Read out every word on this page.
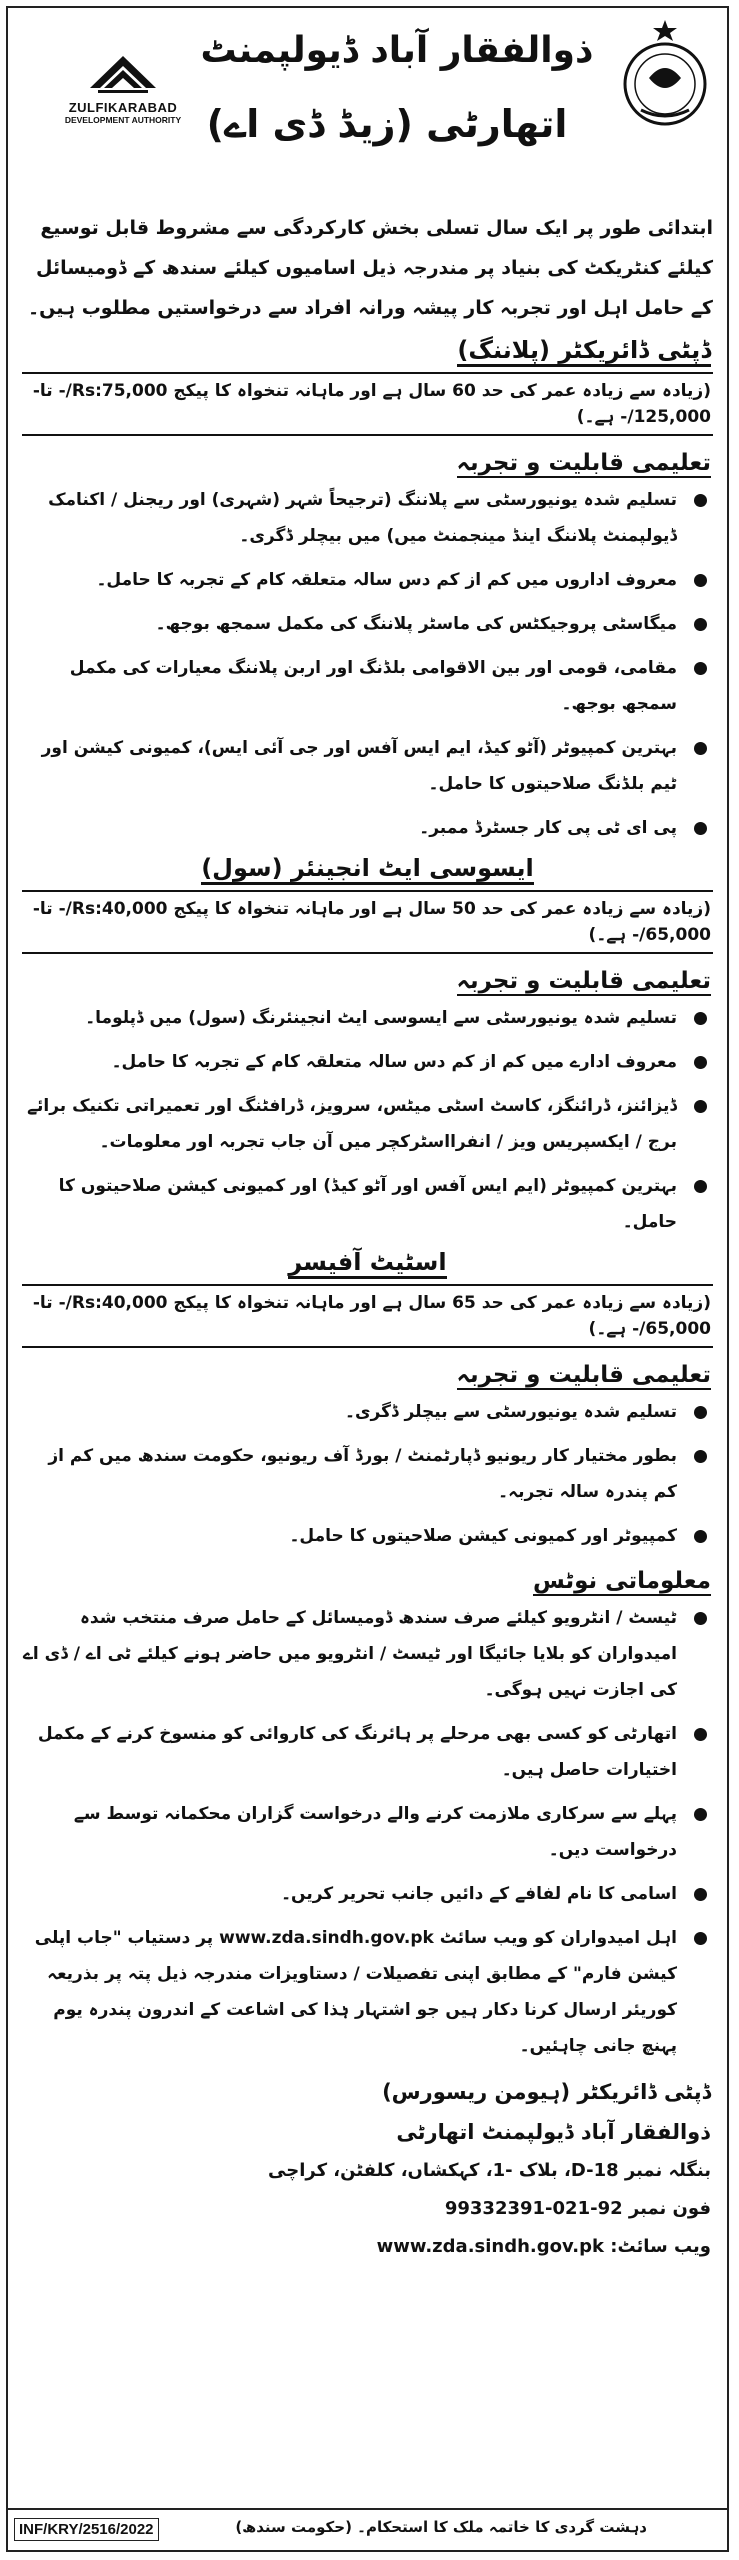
ZULFIKARABAD
DEVELOPMENT AUTHORITY
ذوالفقار آباد ڈیولپمنٹ
اتھارٹی (زیڈ ڈی اے)
ابتدائی طور پر ایک سال تسلی بخش کارکردگی سے مشروط قابل توسیع کیلئے کنٹریکٹ کی بنیاد پر مندرجہ ذیل اسامیوں کیلئے سندھ کے ڈومیسائل کے حامل اہل اور تجربہ کار پیشہ ورانہ افراد سے درخواستیں مطلوب ہیں۔
ڈپٹی ڈائریکٹر (پلاننگ)
(زیادہ سے زیادہ عمر کی حد 60 سال ہے اور ماہانہ تنخواہ کا پیکج Rs:75,000/- تا- 125,000/- ہے۔)
تعلیمی قابلیت و تجربہ
تسلیم شدہ یونیورسٹی سے پلاننگ (ترجیحاً شہر (شہری) اور ریجنل / اکنامک ڈیولپمنٹ پلاننگ اینڈ مینجمنٹ میں) میں بیچلر ڈگری۔
معروف اداروں میں کم از کم دس سالہ متعلقہ کام کے تجربہ کا حامل۔
میگاسٹی پروجیکٹس کی ماسٹر پلاننگ کی مکمل سمجھ بوجھ۔
مقامی، قومی اور بین الاقوامی بلڈنگ اور اربن پلاننگ معیارات کی مکمل سمجھ بوجھ۔
بہترین کمپیوٹر (آٹو کیڈ، ایم ایس آفس اور جی آئی ایس)، کمیونی کیشن اور ٹیم بلڈنگ صلاحیتوں کا حامل۔
پی ای ٹی پی کار جسٹرڈ ممبر۔
ایسوسی ایٹ انجینئر (سول)
(زیادہ سے زیادہ عمر کی حد 50 سال ہے اور ماہانہ تنخواہ کا پیکج Rs:40,000/- تا- 65,000/- ہے۔)
تعلیمی قابلیت و تجربہ
تسلیم شدہ یونیورسٹی سے ایسوسی ایٹ انجینئرنگ (سول) میں ڈپلوما۔
معروف ادارے میں کم از کم دس سالہ متعلقہ کام کے تجربہ کا حامل۔
ڈیزائنز، ڈرائنگز، کاسٹ اسٹی میٹس، سرویز، ڈرافٹنگ اور تعمیراتی تکنیک برائے برج / ایکسپریس ویز / انفرااسٹرکچر میں آن جاب تجربہ اور معلومات۔
بہترین کمپیوٹر (ایم ایس آفس اور آٹو کیڈ) اور کمیونی کیشن صلاحیتوں کا حامل۔
اسٹیٹ آفیسر
(زیادہ سے زیادہ عمر کی حد 65 سال ہے اور ماہانہ تنخواہ کا پیکج Rs:40,000/- تا- 65,000/- ہے۔)
تعلیمی قابلیت و تجربہ
تسلیم شدہ یونیورسٹی سے بیچلر ڈگری۔
بطور مختیار کار ریونیو ڈپارٹمنٹ / بورڈ آف ریونیو، حکومت سندھ میں کم از کم پندرہ سالہ تجربہ۔
کمپیوٹر اور کمیونی کیشن صلاحیتوں کا حامل۔
معلوماتی نوٹس
ٹیسٹ / انٹرویو کیلئے صرف سندھ ڈومیسائل کے حامل صرف منتخب شدہ امیدواران کو بلایا جائیگا اور ٹیسٹ / انٹرویو میں حاضر ہونے کیلئے ٹی اے / ڈی اے کی اجازت نہیں ہوگی۔
اتھارٹی کو کسی بھی مرحلے پر ہائرنگ کی کاروائی کو منسوخ کرنے کے مکمل اختیارات حاصل ہیں۔
پہلے سے سرکاری ملازمت کرنے والے درخواست گزاران محکمانہ توسط سے درخواست دیں۔
اسامی کا نام لفافے کے دائیں جانب تحریر کریں۔
اہل امیدواران کو ویب سائٹ www.zda.sindh.gov.pk پر دستیاب "جاب اپلی کیشن فارم" کے مطابق اپنی تفصیلات / دستاویزات مندرجہ ذیل پتہ پر بذریعہ کوریئر ارسال کرنا دکار ہیں جو اشتہار ہٰذا کی اشاعت کے اندرون پندرہ یوم پہنچ جانی چاہئیں۔
ڈپٹی ڈائریکٹر (ہیومن ریسورس)
ذوالفقار آباد ڈیولپمنٹ اتھارٹی
بنگلہ نمبر D-18، بلاک -1، کہکشاں، کلفٹن، کراچی
فون نمبر 92-021-99332391
ویب سائٹ: www.zda.sindh.gov.pk
INF/KRY/2516/2022	دہشت گردی کا خاتمہ ملک کا استحکام۔ (حکومت سندھ)
